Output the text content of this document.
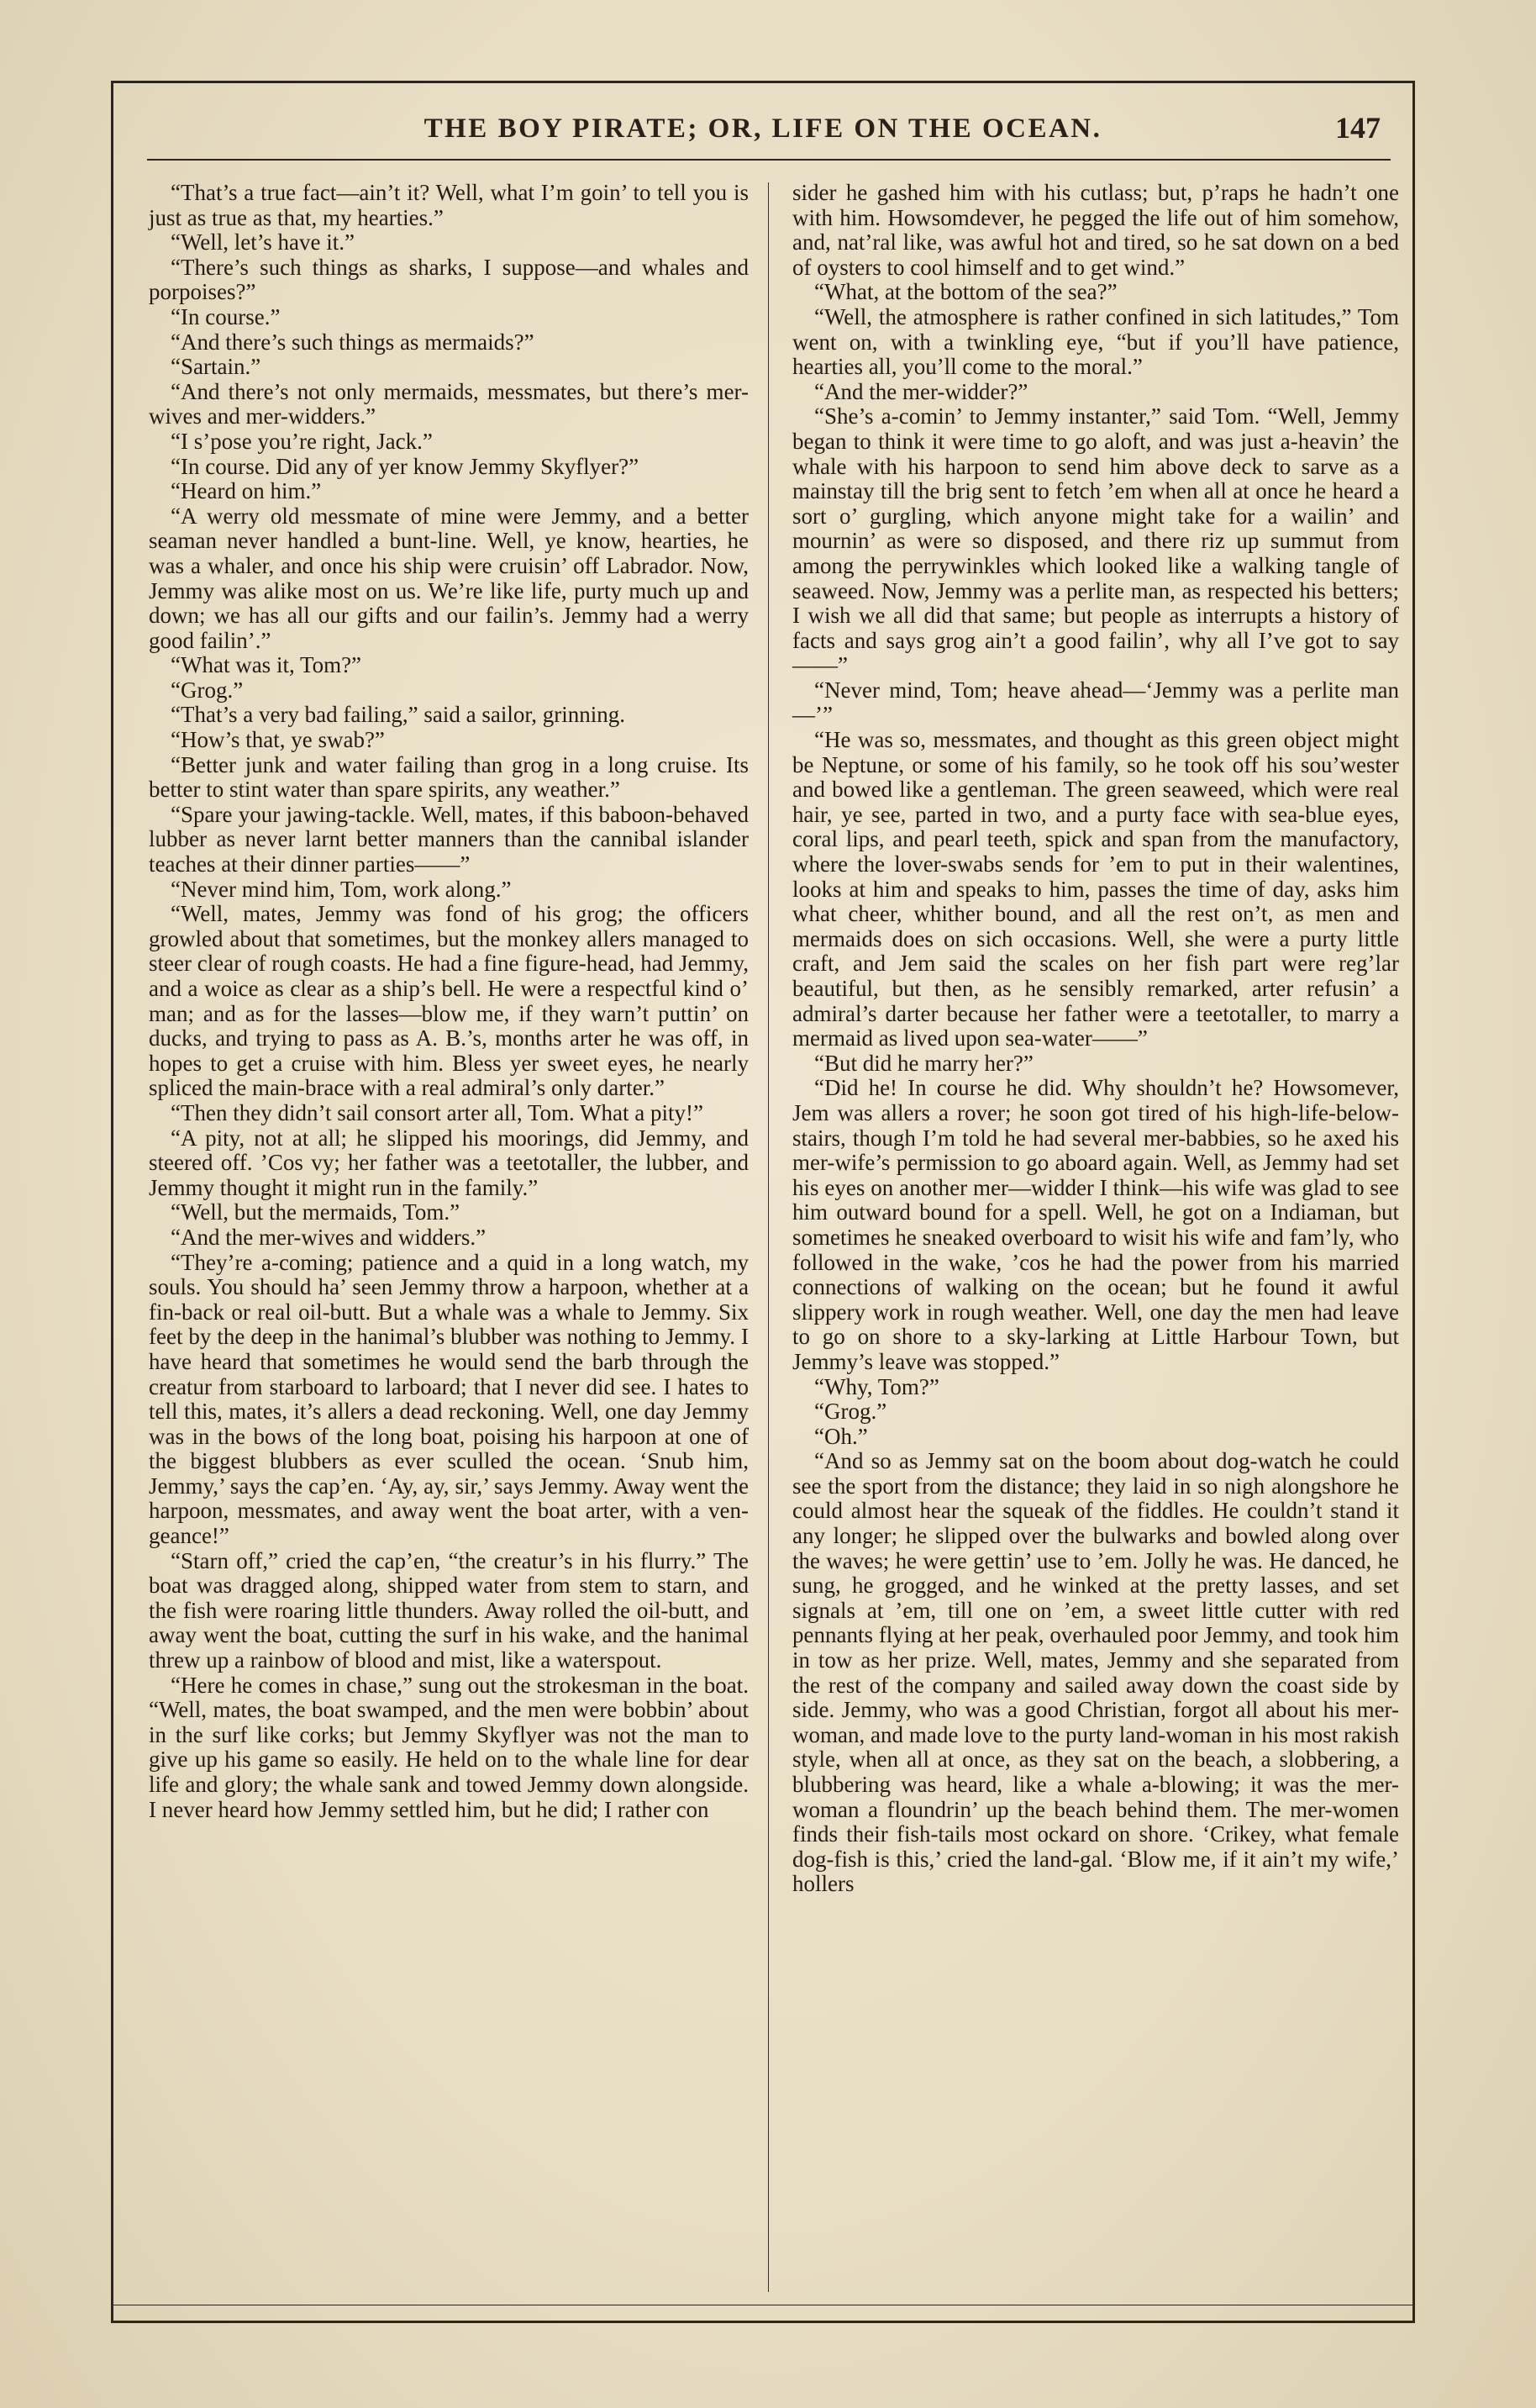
THE BOY PIRATE; OR, LIFE ON THE OCEAN.	147

“That’s a true fact—ain’t it? Well, what I’m goin’ to tell you is just as true as that, my hearties.”

“Well, let’s have it.”

“There’s such things as sharks, I suppose—and whales and porpoises?”

“In course.”

“And there’s such things as mermaids?”

“Sartain.”

“And there’s not only mermaids, messmates, but there’s mer-wives and mer-widders.”

“I s’pose you’re right, Jack.”

“In course. Did any of yer know Jemmy Skyflyer?”

“Heard on him.”

“A werry old messmate of mine were Jemmy, and a better seaman never handled a bunt-line. Well, ye know, hearties, he was a whaler, and once his ship were cruisin’ off Labrador. Now, Jemmy was alike most on us. We’re like life, purty much up and down; we has all our gifts and our failin’s. Jemmy had a werry good failin’.”

“What was it, Tom?”

“Grog.”

“That’s a very bad failing,” said a sailor, grinning.

“How’s that, ye swab?”

“Better junk and water failing than grog in a long cruise. Its better to stint water than spare spirits, any weather.”

“Spare your jawing-tackle. Well, mates, if this baboon-behaved lubber as never larnt better manners than the cannibal islander teaches at their dinner parties——”

“Never mind him, Tom, work along.”

“Well, mates, Jemmy was fond of his grog; the officers growled about that sometimes, but the monkey allers managed to steer clear of rough coasts. He had a fine figure-head, had Jemmy, and a woice as clear as a ship’s bell. He were a respectful kind o’ man; and as for the lasses—blow me, if they warn’t puttin’ on ducks, and trying to pass as A. B.’s, months arter he was off, in hopes to get a cruise with him. Bless yer sweet eyes, he nearly spliced the main-brace with a real admiral’s only darter.”

“Then they didn’t sail consort arter all, Tom. What a pity!”

“A pity, not at all; he slipped his moorings, did Jemmy, and steered off. ’Cos vy; her father was a teetotaller, the lubber, and Jemmy thought it might run in the family.”

“Well, but the mermaids, Tom.”

“And the mer-wives and widders.”

“They’re a-coming; patience and a quid in a long watch, my souls. You should ha’ seen Jemmy throw a harpoon, whether at a fin-back or real oil-butt. But a whale was a whale to Jemmy. Six feet by the deep in the hanimal’s blubber was nothing to Jemmy. I have heard that sometimes he would send the barb through the creatur from starboard to larboard; that I never did see. I hates to tell this, mates, it’s allers a dead reckoning. Well, one day Jemmy was in the bows of the long boat, poising his harpoon at one of the biggest blubbers as ever sculled the ocean. ‘Snub him, Jemmy,’ says the cap’en. ‘Ay, ay, sir,’ says Jemmy. Away went the harpoon, messmates, and away went the boat arter, with a vengeance!”

“Starn off,” cried the cap’en, “the creatur’s in his flurry.” The boat was dragged along, shipped water from stem to starn, and the fish were roaring little thunders. Away rolled the oil-butt, and away went the boat, cutting the surf in his wake, and the hanimal threw up a rainbow of blood and mist, like a waterspout.

“Here he comes in chase,” sung out the strokesman in the boat. “Well, mates, the boat swamped, and the men were bobbin’ about in the surf like corks; but Jemmy Skyflyer was not the man to give up his game so easily. He held on to the whale line for dear life and glory; the whale sank and towed Jemmy down alongside. I never heard how Jemmy settled him, but he did; I rather con

sider he gashed him with his cutlass; but, p’raps he hadn’t one with him. Howsomdever, he pegged the life out of him somehow, and, nat’ral like, was awful hot and tired, so he sat down on a bed of oysters to cool himself and to get wind.”

“What, at the bottom of the sea?”

“Well, the atmosphere is rather confined in sich latitudes,” Tom went on, with a twinkling eye, “but if you’ll have patience, hearties all, you’ll come to the moral.”

“And the mer-widder?”

“She’s a-comin’ to Jemmy instanter,” said Tom. “Well, Jemmy began to think it were time to go aloft, and was just a-heavin’ the whale with his harpoon to send him above deck to sarve as a mainstay till the brig sent to fetch ’em when all at once he heard a sort o’ gurgling, which anyone might take for a wailin’ and mournin’ as were so disposed, and there riz up summut from among the perrywinkles which looked like a walking tangle of seaweed. Now, Jemmy was a perlite man, as respected his betters; I wish we all did that same; but people as interrupts a history of facts and says grog ain’t a good failin’, why all I’ve got to say——”

“Never mind, Tom; heave ahead—‘Jemmy was a perlite man—’”

“He was so, messmates, and thought as this green object might be Neptune, or some of his family, so he took off his sou’wester and bowed like a gentleman. The green seaweed, which were real hair, ye see, parted in two, and a purty face with sea-blue eyes, coral lips, and pearl teeth, spick and span from the manufactory, where the lover-swabs sends for ’em to put in their walentines, looks at him and speaks to him, passes the time of day, asks him what cheer, whither bound, and all the rest on’t, as men and mermaids does on sich occasions. Well, she were a purty little craft, and Jem said the scales on her fish part were reg’lar beautiful, but then, as he sensibly remarked, arter refusin’ a admiral’s darter because her father were a teetotaller, to marry a mermaid as lived upon sea-water——”

“But did he marry her?”

“Did he! In course he did. Why shouldn’t he? Howsomever, Jem was allers a rover; he soon got tired of his high-life-below-stairs, though I’m told he had several mer-babbies, so he axed his mer-wife’s permission to go aboard again. Well, as Jemmy had set his eyes on another mer—widder I think—his wife was glad to see him outward bound for a spell. Well, he got on a Indiaman, but sometimes he sneaked overboard to wisit his wife and fam’ly, who followed in the wake, ’cos he had the power from his married connections of walking on the ocean; but he found it awful slippery work in rough weather. Well, one day the men had leave to go on shore to a sky-larking at Little Harbour Town, but Jemmy’s leave was stopped.”

“Why, Tom?”

“Grog.”

“Oh.”

“And so as Jemmy sat on the boom about dog-watch he could see the sport from the distance; they laid in so nigh alongshore he could almost hear the squeak of the fiddles. He couldn’t stand it any longer; he slipped over the bulwarks and bowled along over the waves; he were gettin’ use to ’em. Jolly he was. He danced, he sung, he grogged, and he winked at the pretty lasses, and set signals at ’em, till one on ’em, a sweet little cutter with red pennants flying at her peak, overhauled poor Jemmy, and took him in tow as her prize. Well, mates, Jemmy and she separated from the rest of the company and sailed away down the coast side by side. Jemmy, who was a good Christian, forgot all about his mer-woman, and made love to the purty land-woman in his most rakish style, when all at once, as they sat on the beach, a slobbering, a blubbering was heard, like a whale a-blowing; it was the mer-woman a floundrin’ up the beach behind them. The mer-women finds their fish-tails most ockard on shore. ‘Crikey, what female dog-fish is this,’ cried the land-gal. ‘Blow me, if it ain’t my wife,’ hollers
